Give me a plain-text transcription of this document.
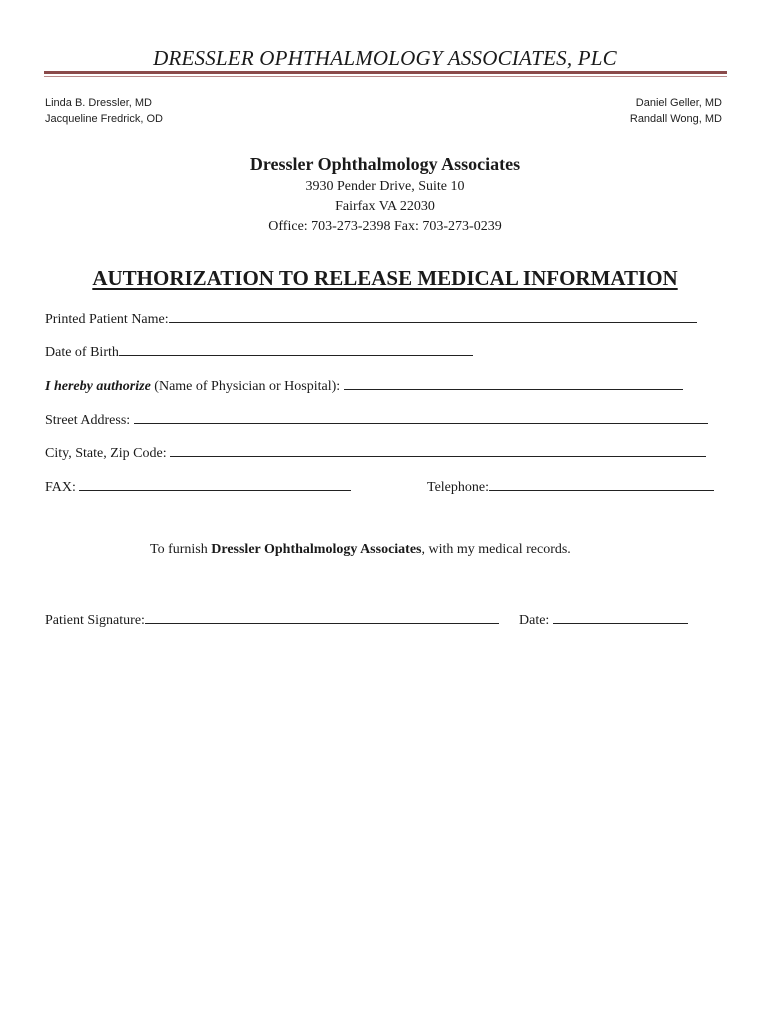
DRESSLER OPHTHALMOLOGY ASSOCIATES, PLC
Linda B. Dressler, MD
Jacqueline Fredrick, OD
Daniel Geller, MD
Randall Wong, MD
Dressler Ophthalmology Associates
3930 Pender Drive, Suite 10
Fairfax VA 22030
Office: 703-273-2398 Fax: 703-273-0239
AUTHORIZATION TO RELEASE MEDICAL INFORMATION
Printed Patient Name:
Date of Birth
I hereby authorize (Name of Physician or Hospital):
Street Address:
City, State, Zip Code:
FAX:	Telephone:
To furnish Dressler Ophthalmology Associates, with my medical records.
Patient Signature:	Date:
